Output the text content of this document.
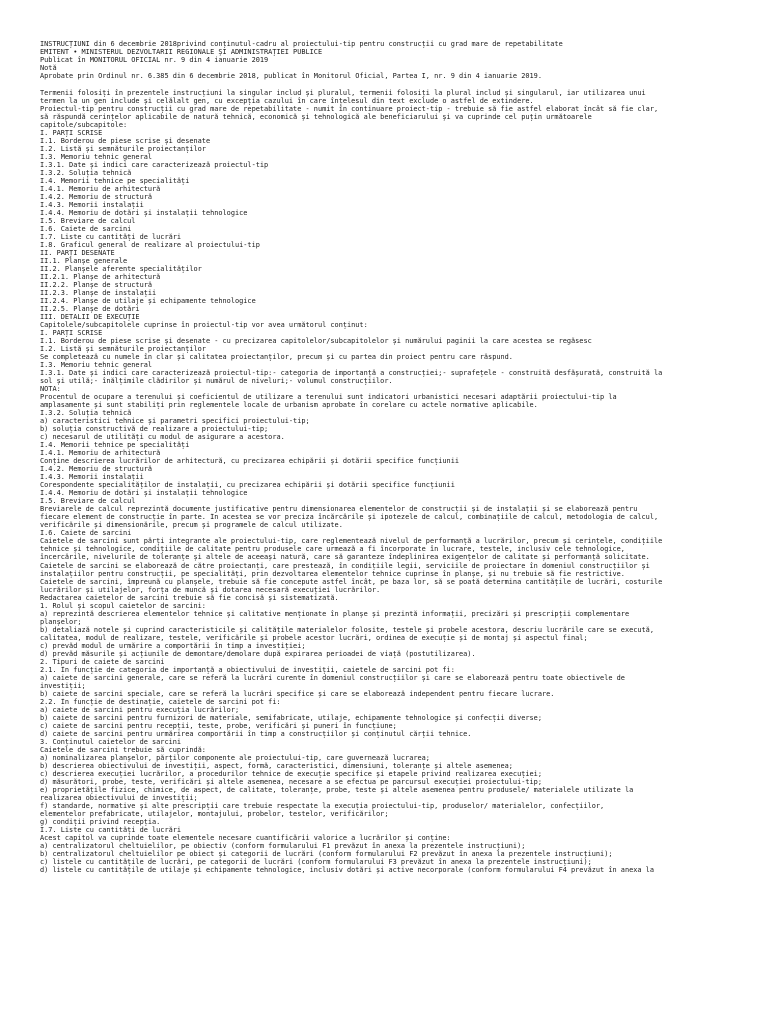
INSTRUCȚIUNI din 6 decembrie 2018privind conținutul-cadru al proiectului-tip pentru construcții cu grad mare de repetabilitate
EMITENT • MINISTERUL DEZVOLTĂRII REGIONALE ȘI ADMINISTRAȚIEI PUBLICE
Publicat în MONITORUL OFICIAL nr. 9 din 4 ianuarie 2019
Notă
Aprobate prin Ordinul nr. 6.385 din 6 decembrie 2018, publicat în Monitorul Oficial, Partea I, nr. 9 din 4 ianuarie 2019.
Termenii folosiți în prezentele instrucțiuni la singular includ și pluralul, termenii folosiți la plural includ și singularul, iar utilizarea unui
termen la un gen include și celălalt gen, cu excepția cazului în care înțelesul din text exclude o astfel de extindere.
Proiectul-tip pentru construcții cu grad mare de repetabilitate - numit în continuare proiect-tip - trebuie să fie astfel elaborat încât să fie clar,
să răspundă cerințelor aplicabile de natură tehnică, economică și tehnologică ale beneficiarului și va cuprinde cel puțin următoarele
capitole/subcapitole:
I. PĂRȚI SCRISE
I.1. Borderou de piese scrise și desenate
I.2. Listă și semnăturile proiectanților
I.3. Memoriu tehnic general
I.3.1. Date și indici care caracterizează proiectul-tip
I.3.2. Soluția tehnică
I.4. Memorii tehnice pe specialități
I.4.1. Memoriu de arhitectură
I.4.2. Memoriu de structură
I.4.3. Memorii instalații
I.4.4. Memoriu de dotări și instalații tehnologice
I.5. Breviare de calcul
I.6. Caiete de sarcini
I.7. Liste cu cantități de lucrări
I.8. Graficul general de realizare al proiectului-tip
II. PĂRȚI DESENATE
II.1. Planșe generale
II.2. Planșele aferente specialităților
II.2.1. Planșe de arhitectură
II.2.2. Planșe de structură
II.2.3. Planșe de instalații
II.2.4. Planșe de utilaje și echipamente tehnologice
II.2.5. Planșe de dotări
III. DETALII DE EXECUȚIE
Capitolele/subcapitolele cuprinse în proiectul-tip vor avea următorul conținut:
I. PĂRȚI SCRISE
I.1. Borderou de piese scrise și desenate - cu precizarea capitolelor/subcapitolelor și numărului paginii la care acestea se regăsesc
I.2. Listă și semnăturile proiectanților
Se completează cu numele în clar și calitatea proiectanților, precum și cu partea din proiect pentru care răspund.
I.3. Memoriu tehnic general
I.3.1. Date și indici care caracterizează proiectul-tip:- categoria de importanță a construcției;- suprafețele - construită desfășurată, construită la
sol și utilă;- înălțimile clădirilor și numărul de niveluri;- volumul construcțiilor.
NOTĂ:
Procentul de ocupare a terenului și coeficientul de utilizare a terenului sunt indicatori urbanistici necesari adaptării proiectului-tip la
amplasamente și sunt stabiliți prin reglementele locale de urbanism aprobate în corelare cu actele normative aplicabile.
I.3.2. Soluția tehnică
a) caracteristici tehnice și parametri specifici proiectului-tip;
b) soluția constructivă de realizare a proiectului-tip;
c) necesarul de utilități cu modul de asigurare a acestora.
I.4. Memorii tehnice pe specialități
I.4.1. Memoriu de arhitectură
Conține descrierea lucrărilor de arhitectură, cu precizarea echipării și dotării specifice funcțiunii
I.4.2. Memoriu de structură
I.4.3. Memorii instalații
Corespondente specialităților de instalații, cu precizarea echipării și dotării specifice funcțiunii
I.4.4. Memoriu de dotări și instalații tehnologice
I.5. Breviare de calcul
Breviarele de calcul reprezintă documente justificative pentru dimensionarea elementelor de construcții și de instalații și se elaborează pentru
fiecare element de construcție în parte. În acestea se vor preciza încărcările și ipotezele de calcul, combinațiile de calcul, metodologia de calcul,
verificările și dimensionările, precum și programele de calcul utilizate.
I.6. Caiete de sarcini
Caietele de sarcini sunt părți integrante ale proiectului-tip, care reglementează nivelul de performanță a lucrărilor, precum și cerințele, condițiile
tehnice și tehnologice, condițiile de calitate pentru produsele care urmează a fi încorporate în lucrare, testele, inclusiv cele tehnologice,
încercările, nivelurile de toleranțe și altele de aceeași natură, care să garanteze îndeplinirea exigențelor de calitate și performanță solicitate.
Caietele de sarcini se elaborează de către proiectanți, care prestează, în condițiile legii, serviciile de proiectare în domeniul construcțiilor și
instalațiilor pentru construcții, pe specialități, prin dezvoltarea elementelor tehnice cuprinse în planșe, și nu trebuie să fie restrictive.
Caietele de sarcini, împreună cu planșele, trebuie să fie concepute astfel încât, pe baza lor, să se poată determina cantitățile de lucrări, costurile
lucrărilor și utilajelor, forța de muncă și dotarea necesară execuției lucrărilor.
Redactarea caietelor de sarcini trebuie să fie concisă și sistematizată.
1. Rolul și scopul caietelor de sarcini:
a) reprezintă descrierea elementelor tehnice și calitative menționate în planșe și prezintă informații, precizări și prescripții complementare
planșelor;
b) detaliază notele și cuprind caracteristicile și calitățile materialelor folosite, testele și probele acestora, descriu lucrările care se execută,
calitatea, modul de realizare, testele, verificările și probele acestor lucrări, ordinea de execuție și de montaj și aspectul final;
c) prevăd modul de urmărire a comportării în timp a investiției;
d) prevăd măsurile și acțiunile de demontare/demolare după expirarea perioadei de viață (postutilizarea).
2. Tipuri de caiete de sarcini
2.1. În funcție de categoria de importanță a obiectivului de investiții, caietele de sarcini pot fi:
a) caiete de sarcini generale, care se referă la lucrări curente în domeniul construcțiilor și care se elaborează pentru toate obiectivele de
investiții;
b) caiete de sarcini speciale, care se referă la lucrări specifice și care se elaborează independent pentru fiecare lucrare.
2.2. În funcție de destinație, caietele de sarcini pot fi:
a) caiete de sarcini pentru execuția lucrărilor;
b) caiete de sarcini pentru furnizori de materiale, semifabricate, utilaje, echipamente tehnologice și confecții diverse;
c) caiete de sarcini pentru recepții, teste, probe, verificări și puneri în funcțiune;
d) caiete de sarcini pentru urmărirea comportării în timp a construcțiilor și conținutul cărții tehnice.
3. Conținutul caietelor de sarcini
Caietele de sarcini trebuie să cuprindă:
a) nominalizarea planșelor, părților componente ale proiectului-tip, care guvernează lucrarea;
b) descrierea obiectivului de investiții, aspect, formă, caracteristici, dimensiuni, toleranțe și altele asemenea;
c) descrierea execuției lucrărilor, a procedurilor tehnice de execuție specifice și etapele privind realizarea execuției;
d) măsurători, probe, teste, verificări și altele asemenea, necesare a se efectua pe parcursul execuției proiectului-tip;
e) proprietățile fizice, chimice, de aspect, de calitate, toleranțe, probe, teste și altele asemenea pentru produsele/ materialele utilizate la
realizarea obiectivului de investiții;
f) standarde, normative și alte prescripții care trebuie respectate la execuția proiectului-tip, produselor/ materialelor, confecțiilor,
elementelor prefabricate, utilajelor, montajului, probelor, testelor, verificărilor;
g) condiții privind recepția.
I.7. Liste cu cantități de lucrări
Acest capitol va cuprinde toate elementele necesare cuantificării valorice a lucrărilor și conține:
a) centralizatorul cheltuielilor, pe obiectiv (conform formularului F1 prevăzut în anexa la prezentele instrucțiuni);
b) centralizatorul cheltuielilor pe obiect și categorii de lucrări (conform formularului F2 prevăzut în anexa la prezentele instrucțiuni);
c) listele cu cantitățile de lucrări, pe categorii de lucrări (conform formularului F3 prevăzut în anexa la prezentele instrucțiuni);
d) listele cu cantitățile de utilaje și echipamente tehnologice, inclusiv dotări și active necorporale (conform formularului F4 prevăzut în anexa la
